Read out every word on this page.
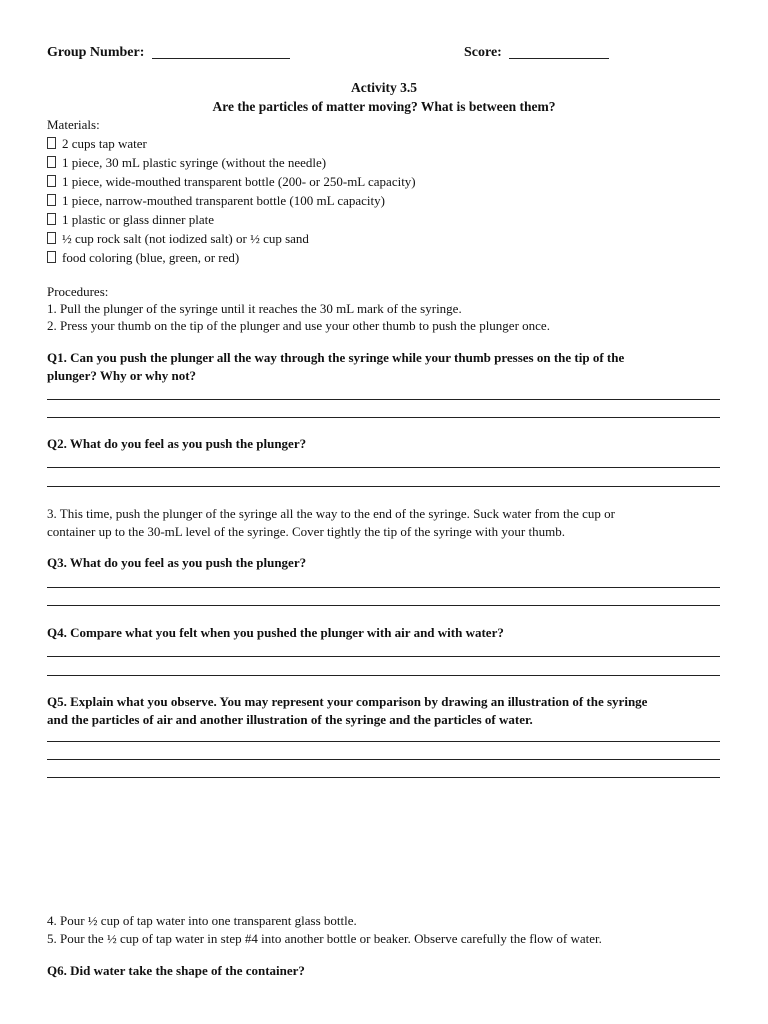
Group Number:	Score:
Activity 3.5
Are the particles of matter moving? What is between them?
Materials:
2 cups tap water
1 piece, 30 mL plastic syringe (without the needle)
1 piece, wide-mouthed transparent bottle (200- or 250-mL capacity)
1 piece, narrow-mouthed transparent bottle (100 mL capacity)
1 plastic or glass dinner plate
½ cup rock salt (not iodized salt) or ½ cup sand
food coloring (blue, green, or red)
Procedures:
1. Pull the plunger of the syringe until it reaches the 30 mL mark of the syringe.
2. Press your thumb on the tip of the plunger and use your other thumb to push the plunger once.
Q1. Can you push the plunger all the way through the syringe while your thumb presses on the tip of the
plunger? Why or why not?
Q2. What do you feel as you push the plunger?
3. This time, push the plunger of the syringe all the way to the end of the syringe. Suck water from the cup or
container up to the 30-mL level of the syringe. Cover tightly the tip of the syringe with your thumb.
Q3. What do you feel as you push the plunger?
Q4. Compare what you felt when you pushed the plunger with air and with water?
Q5. Explain what you observe. You may represent your comparison by drawing an illustration of the syringe
and the particles of air and another illustration of the syringe and the particles of water.
4. Pour ½ cup of tap water into one transparent glass bottle.
5. Pour the ½ cup of tap water in step #4 into another bottle or beaker. Observe carefully the flow of water.
Q6. Did water take the shape of the container?
